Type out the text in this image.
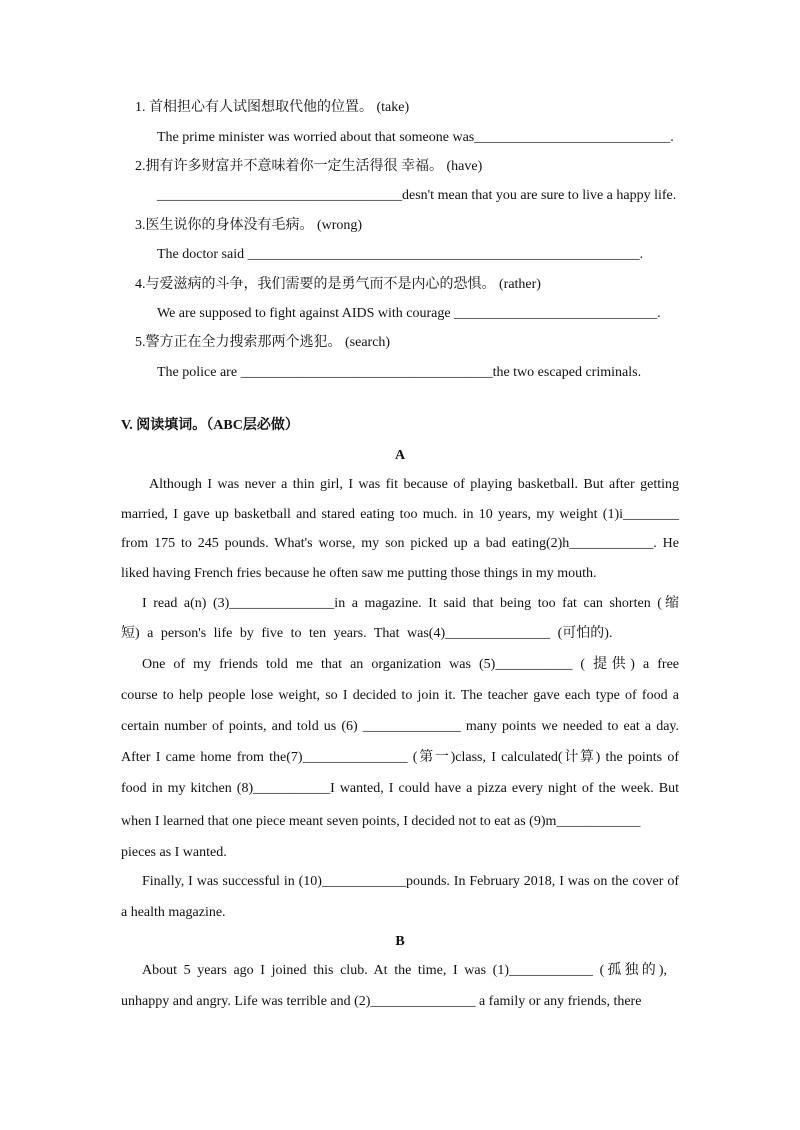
1. 首相担心有人试图想取代他的位置。 (take)
The prime minister was worried about that someone was____________________________.
2.拥有许多财富并不意味着你一定生活得很 幸福。 (have)
___________________________________desn't mean that you are sure to live a happy life.
3.医生说你的身体没有毛病。 (wrong)
The doctor said ________________________________________________________.
4.与爱滋病的斗争，我们需要的是勇气而不是内心的恐惧。 (rather)
We are supposed to fight against AIDS with courage _____________________________.
5.警方正在全力搜索那两个逃犯。 (search)
The police are ____________________________________the two escaped criminals.
V. 阅读填词。（ABC层必做）
A
Although I was never a thin girl, I was fit because of playing basketball. But after getting
married, I gave up basketball and stared eating too much. in 10 years, my weight (1)i________
from 175 to 245 pounds. What's worse, my son picked up a bad eating(2)h____________. He
liked having French fries because he often saw me putting those things in my mouth.
I read a(n) (3)_______________in a magazine. It said that being too fat can shorten (缩
短) a person's life by five to ten years. That was(4)_______________ (可怕的).
One of my friends told me that an organization was (5)___________ ( 提供) a free
course to help people lose weight, so I decided to join it. The teacher gave each type of food a
certain number of points, and told us (6) ______________ many points we needed to eat a day.
After I came home from the(7)_______________ (第一)class, I calculated(计算) the points of
food in my kitchen (8)___________I wanted, I could have a pizza every night of the week. But
when I learned that one piece meant seven points, I decided not to eat as (9)m____________
pieces as I wanted.
Finally, I was successful in (10)____________pounds. In February 2018, I was on the cover of
a health magazine.
B
About 5 years ago I joined this club. At the time, I was (1)____________ (孤独的),
unhappy and angry. Life was terrible and (2)_______________ a family or any friends, there
